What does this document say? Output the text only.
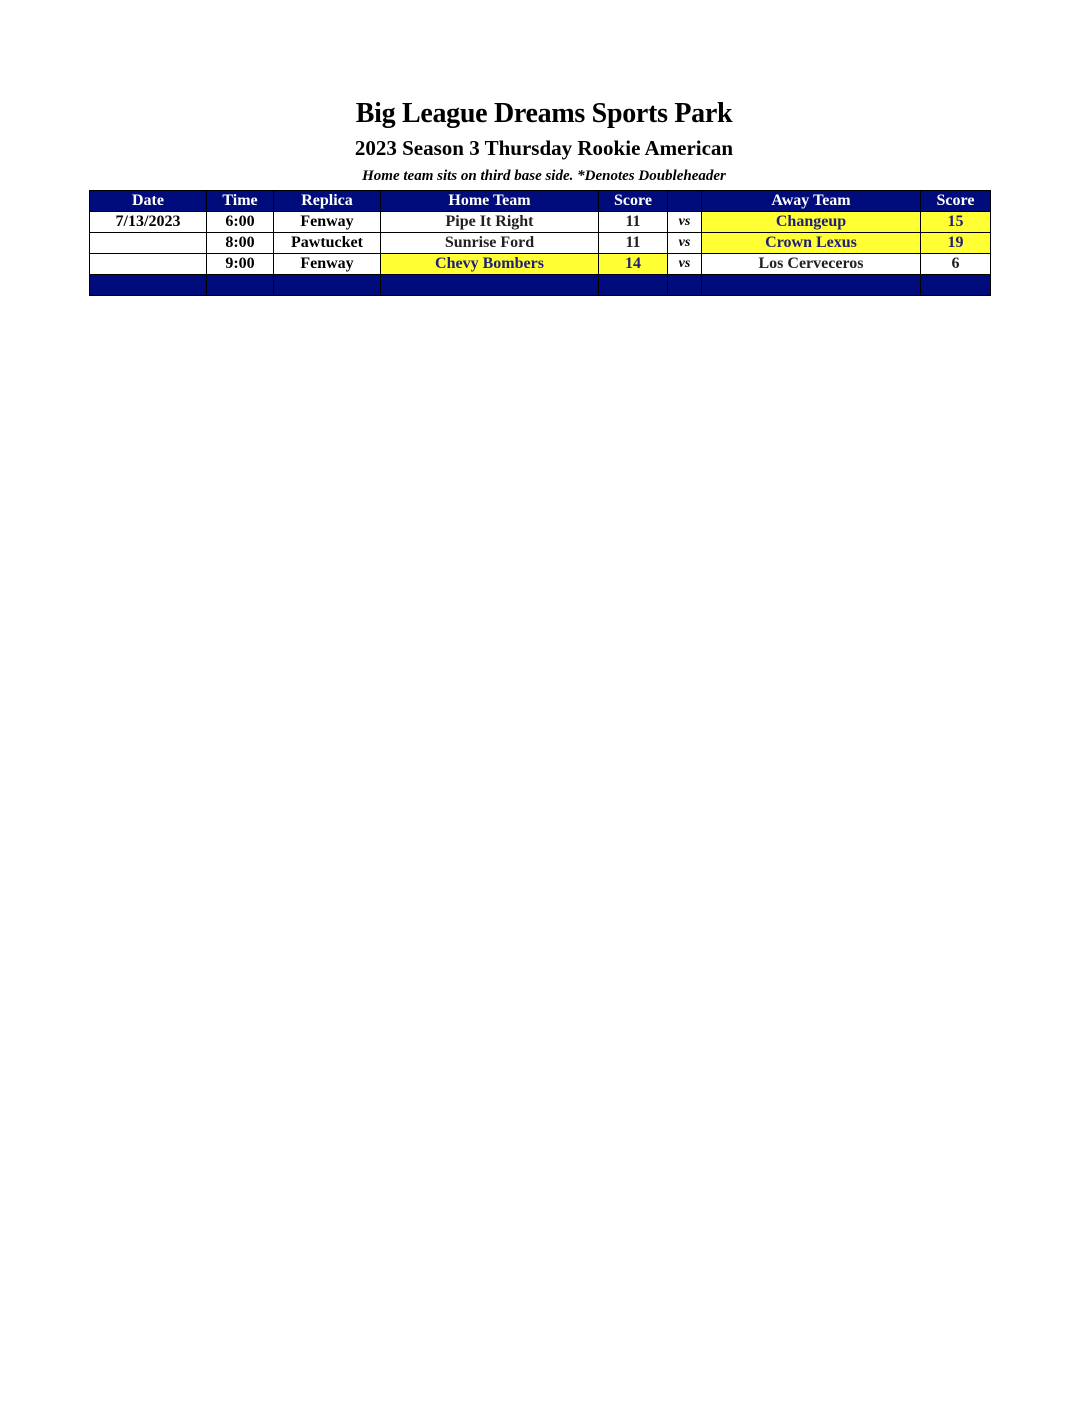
Big League Dreams Sports Park
2023 Season 3 Thursday Rookie American
Home team sits on third base side. *Denotes Doubleheader
Date	Time	Replica	Home Team	Score		Away Team	Score
7/13/2023	6:00	Fenway	Pipe It Right	11	vs	Changeup	15
	8:00	Pawtucket	Sunrise Ford	11	vs	Crown Lexus	19
	9:00	Fenway	Chevy Bombers	14	vs	Los Cerveceros	6
